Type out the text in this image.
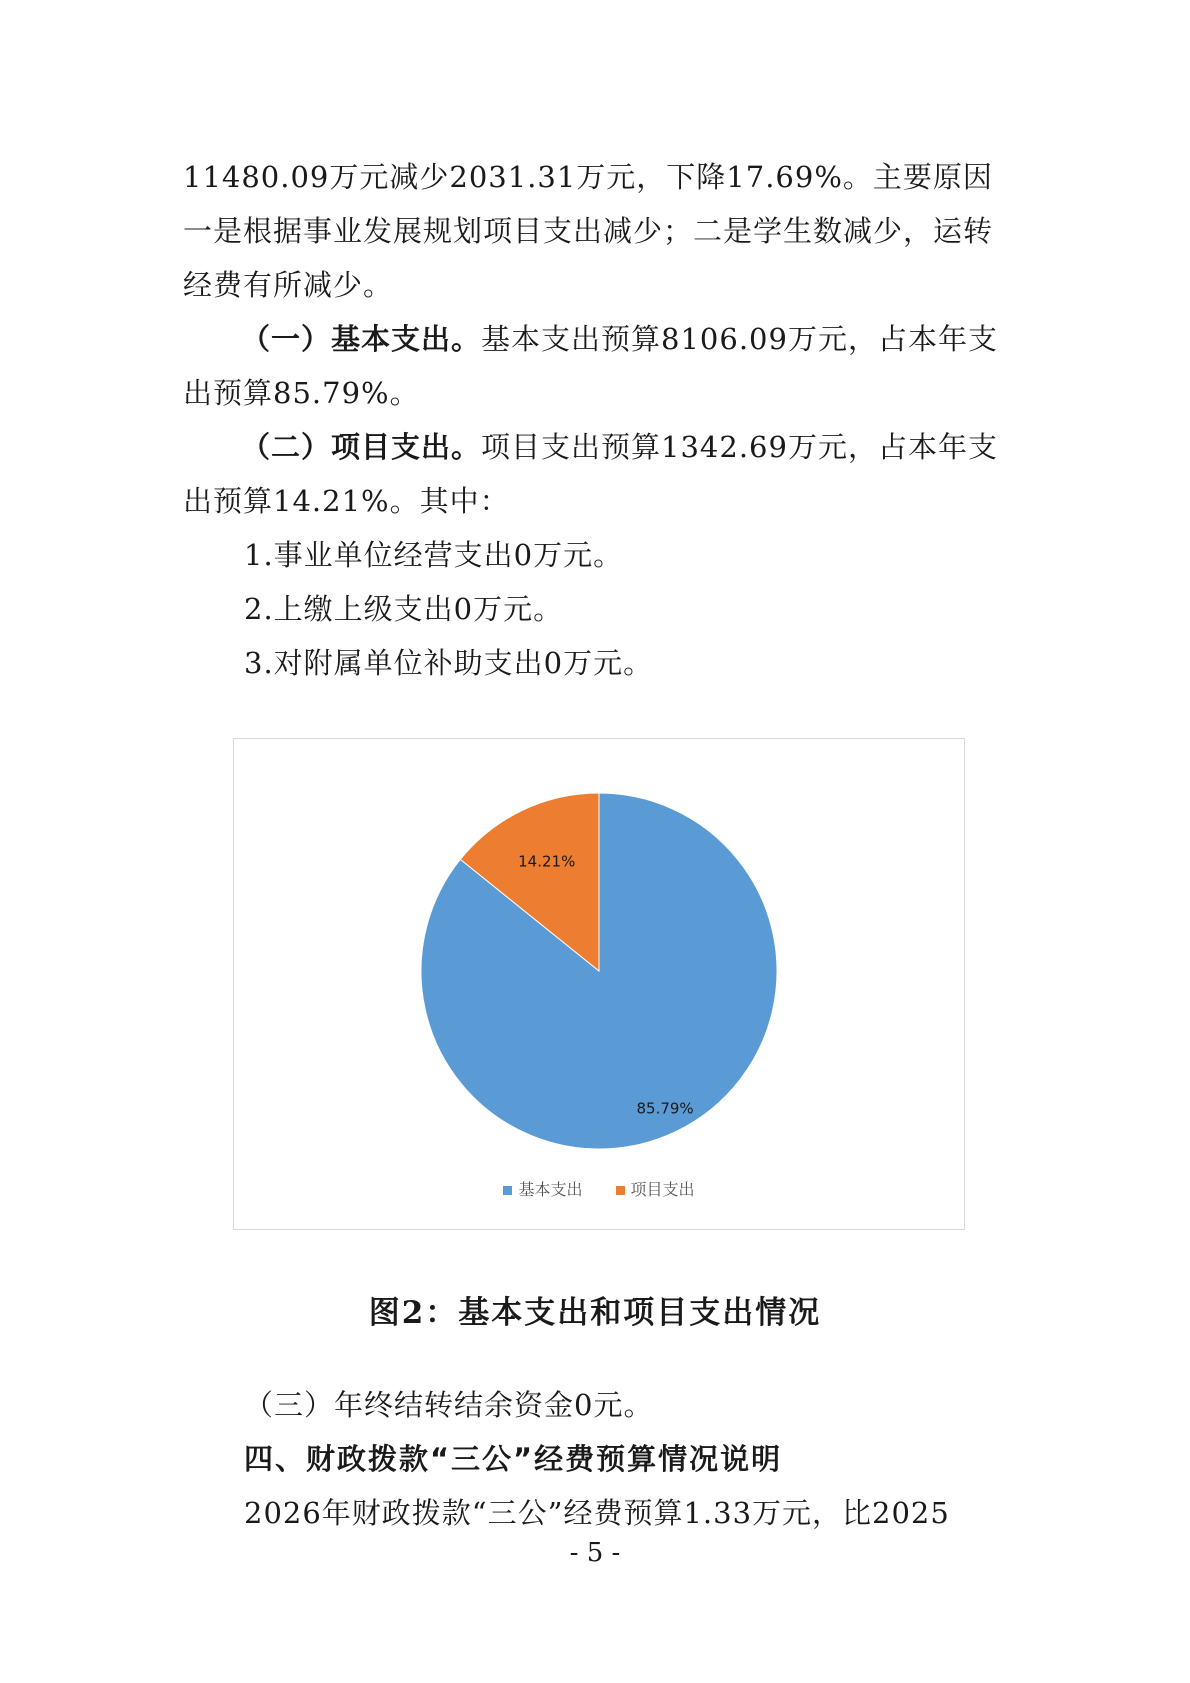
11480.09万元减少2031.31万元，下降17.69%。主要原因一是根据事业发展规划项目支出减少；二是学生数减少，运转经费有所减少。

（一）基本支出。基本支出预算8106.09万元，占本年支出预算85.79%。

（二）项目支出。项目支出预算1342.69万元，占本年支出预算14.21%。其中：

1.事业单位经营支出0万元。

2.上缴上级支出0万元。

3.对附属单位补助支出0万元。

85.79%
14.21%
基本支出	项目支出
图2：基本支出和项目支出情况
（三）年终结转结余资金0元。
四、财政拨款“三公”经费预算情况说明
2026年财政拨款“三公”经费预算1.33万元，比2025
- 5 -
